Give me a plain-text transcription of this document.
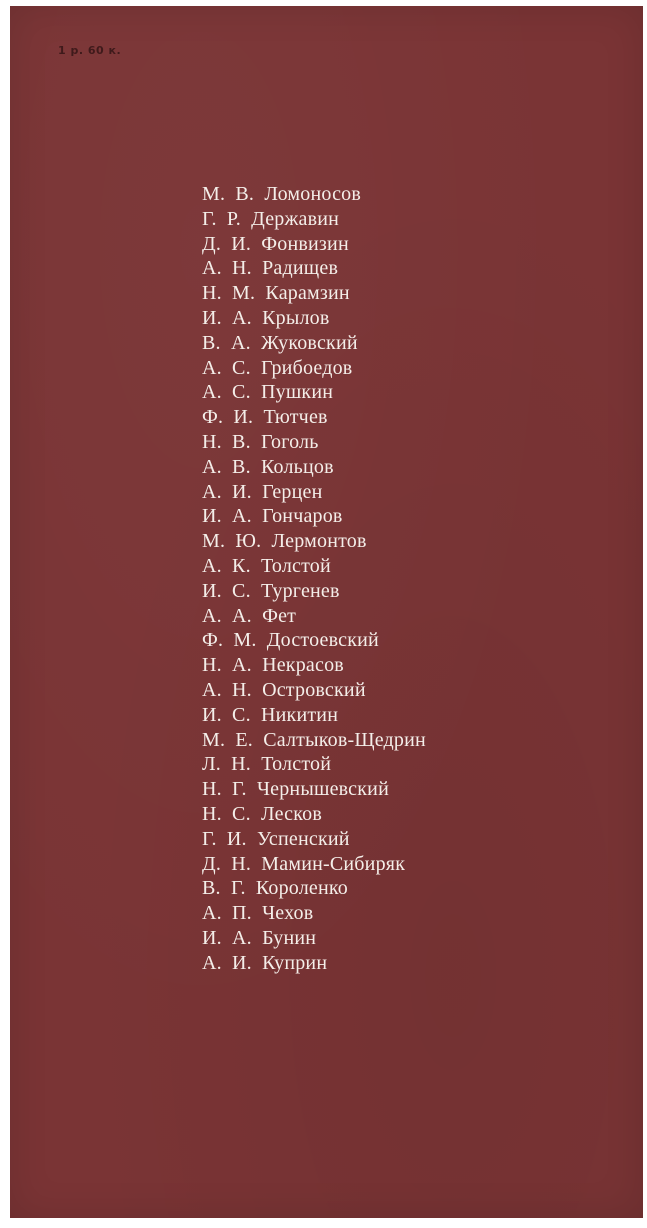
1 р. 60 к.
М. В. Ломоносов
Г. Р. Державин
Д. И. Фонвизин
А. Н. Радищев
Н. М. Карамзин
И. А. Крылов
В. А. Жуковский
А. С. Грибоедов
А. С. Пушкин
Ф. И. Тютчев
Н. В. Гоголь
А. В. Кольцов
А. И. Герцен
И. А. Гончаров
М. Ю. Лермонтов
А. К. Толстой
И. С. Тургенев
А. А. Фет
Ф. М. Достоевский
Н. А. Некрасов
А. Н. Островский
И. С. Никитин
М. Е. Салтыков-Щедрин
Л. Н. Толстой
Н. Г. Чернышевский
Н. С. Лесков
Г. И. Успенский
Д. Н. Мамин-Сибиряк
В. Г. Короленко
А. П. Чехов
И. А. Бунин
А. И. Куприн
